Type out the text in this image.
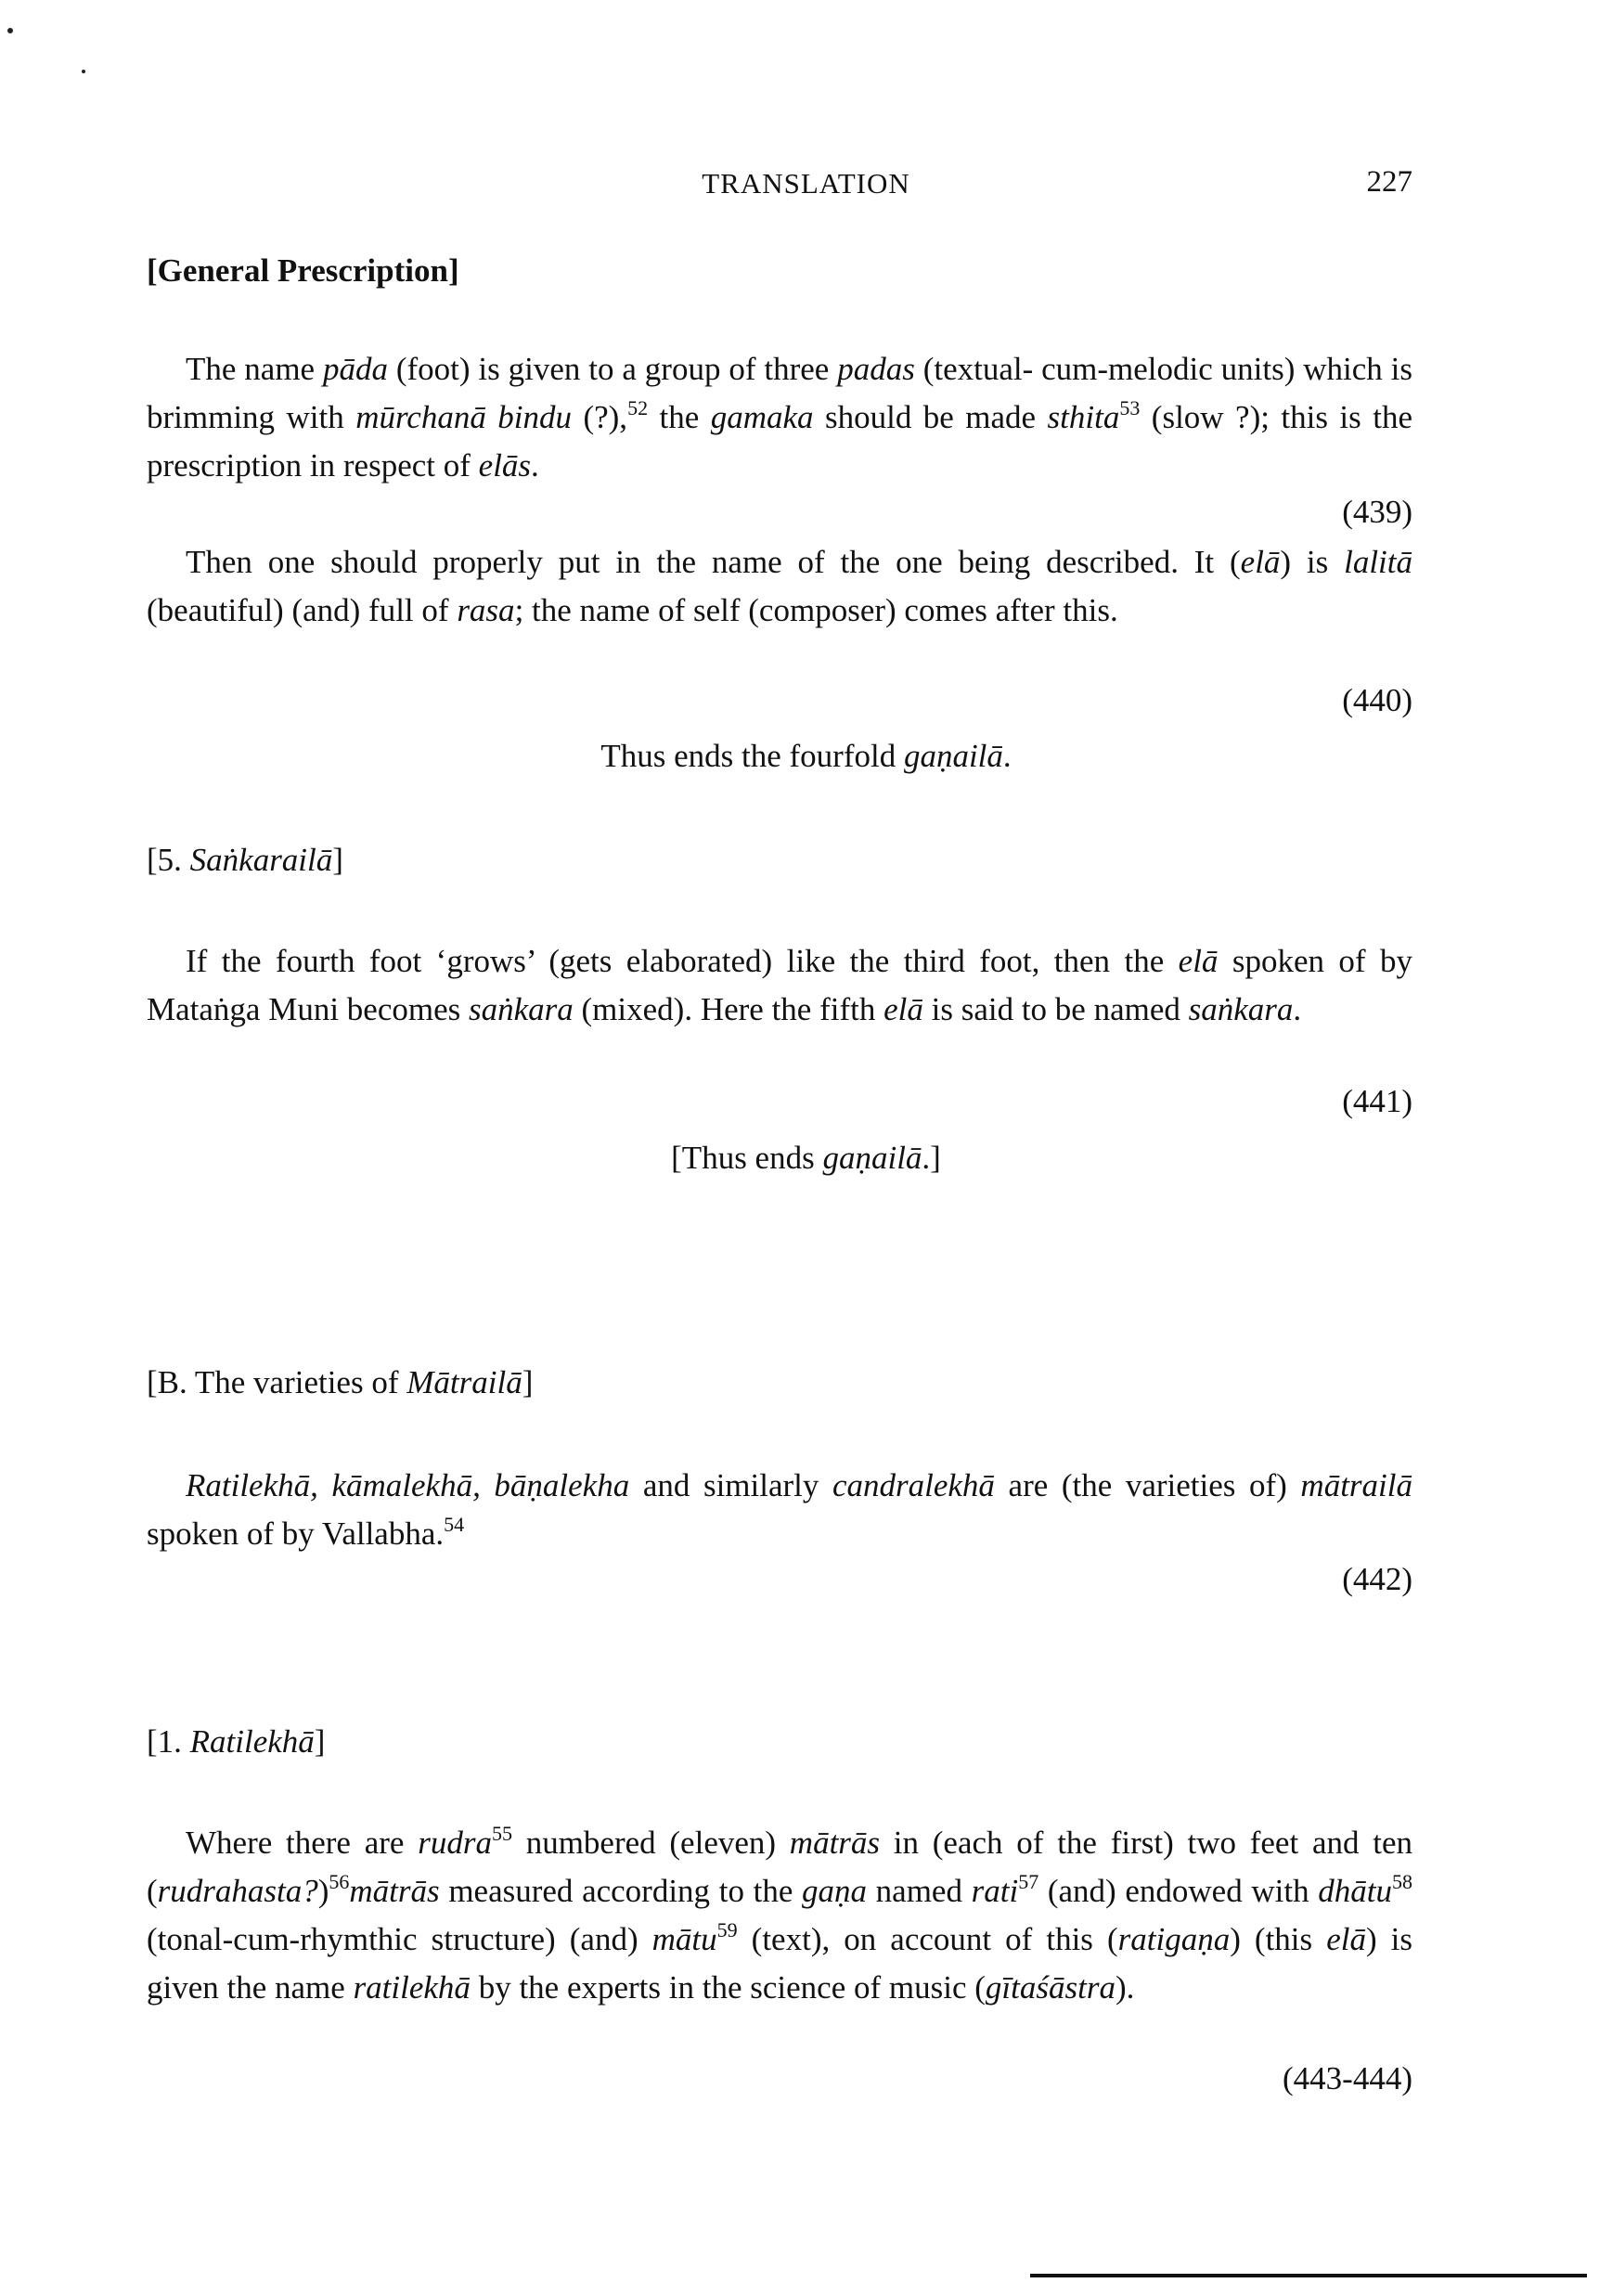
TRANSLATION	227
[General Prescription]

The name pāda (foot) is given to a group of three padas (textual- cum-melodic units) which is brimming with mūrchanā bindu (?),$^{52}$ the gamaka should be made sthita$^{53}$ (slow ?); this is the prescription in respect of elās.

(439)

Then one should properly put in the name of the one being described. It (elā) is lalitā (beautiful) (and) full of rasa; the name of self (composer) comes after this.

(440)
Thus ends the fourfold gaṇailā.
[5. Saṅkarailā]

If the fourth foot ‘grows’ (gets elaborated) like the third foot, then the elā spoken of by Mataṅga Muni becomes saṅkara (mixed). Here the fifth elā is said to be named saṅkara.

(441)
[Thus ends gaṇailā.]
[B. The varieties of Mātrailā]

Ratilekhā, kāmalekhā, bāṇalekha and similarly candralekhā are (the varieties of) mātrailā spoken of by Vallabha.$^{54}$

(442)
[1. Ratilekhā]

Where there are rudra$^{55}$ numbered (eleven) mātrās in (each of the first) two feet and ten (rudrahasta?)$^{56}$mātrās measured according to the gaṇa named rati$^{57}$ (and) endowed with dhātu$^{58}$ (tonal-cum-rhymthic structure) (and) mātu$^{59}$ (text), on account of this (ratigaṇa) (this elā) is given the name ratilekhā by the experts in the science of music (gītaśāstra).

(443-444)
